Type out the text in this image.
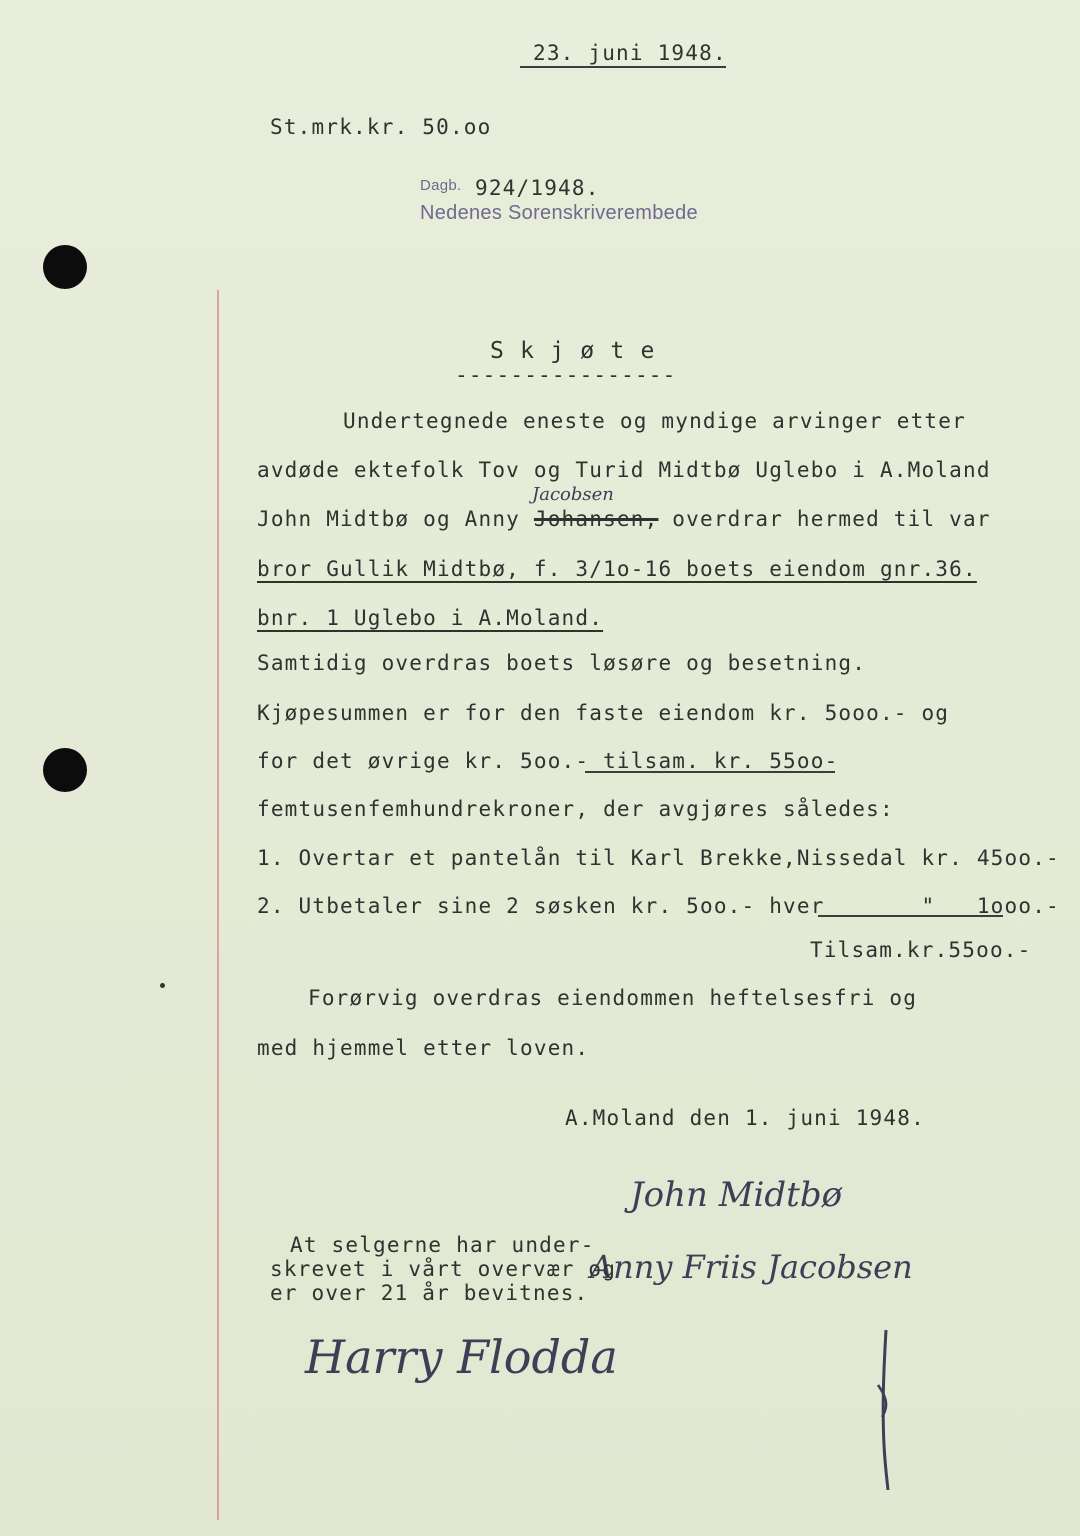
23. juni 1948.
St.mrk.kr. 50.oo
Dagb. 924/1948.
Nedenes Sorenskriverembede
S k j ø t e
----------------
Undertegnede eneste og myndige arvinger etter
avdøde ektefolk Tov og Turid Midtbø Uglebo i A.Moland
Jacobsen
John Midtbø og Anny Johansen, overdrar hermed til var
bror Gullik Midtbø, f. 3/1o-16 boets eiendom gnr.36.
bnr. 1 Uglebo i A.Moland.
Samtidig overdras boets løsøre og besetning.
Kjøpesummen er for den faste eiendom kr. 5ooo.- og
for det øvrige kr. 5oo.- tilsam. kr. 55oo-
femtusenfemhundrekroner, der avgjøres således:
1. Overtar et pantelån til Karl Brekke,Nissedal kr. 45oo.-
2. Utbetaler sine 2 søsken kr. 5oo.- hver       "   1ooo.-
Tilsam.kr.55oo.-
Forørvig overdras eiendommen heftelsesfri og
med hjemmel etter loven.
A.Moland den 1. juni 1948.
John Midtbø
Anny Friis Jacobsen
At selgerne har under-
skrevet i vårt overvær og
er over 21 år bevitnes.
Harry Flodda
